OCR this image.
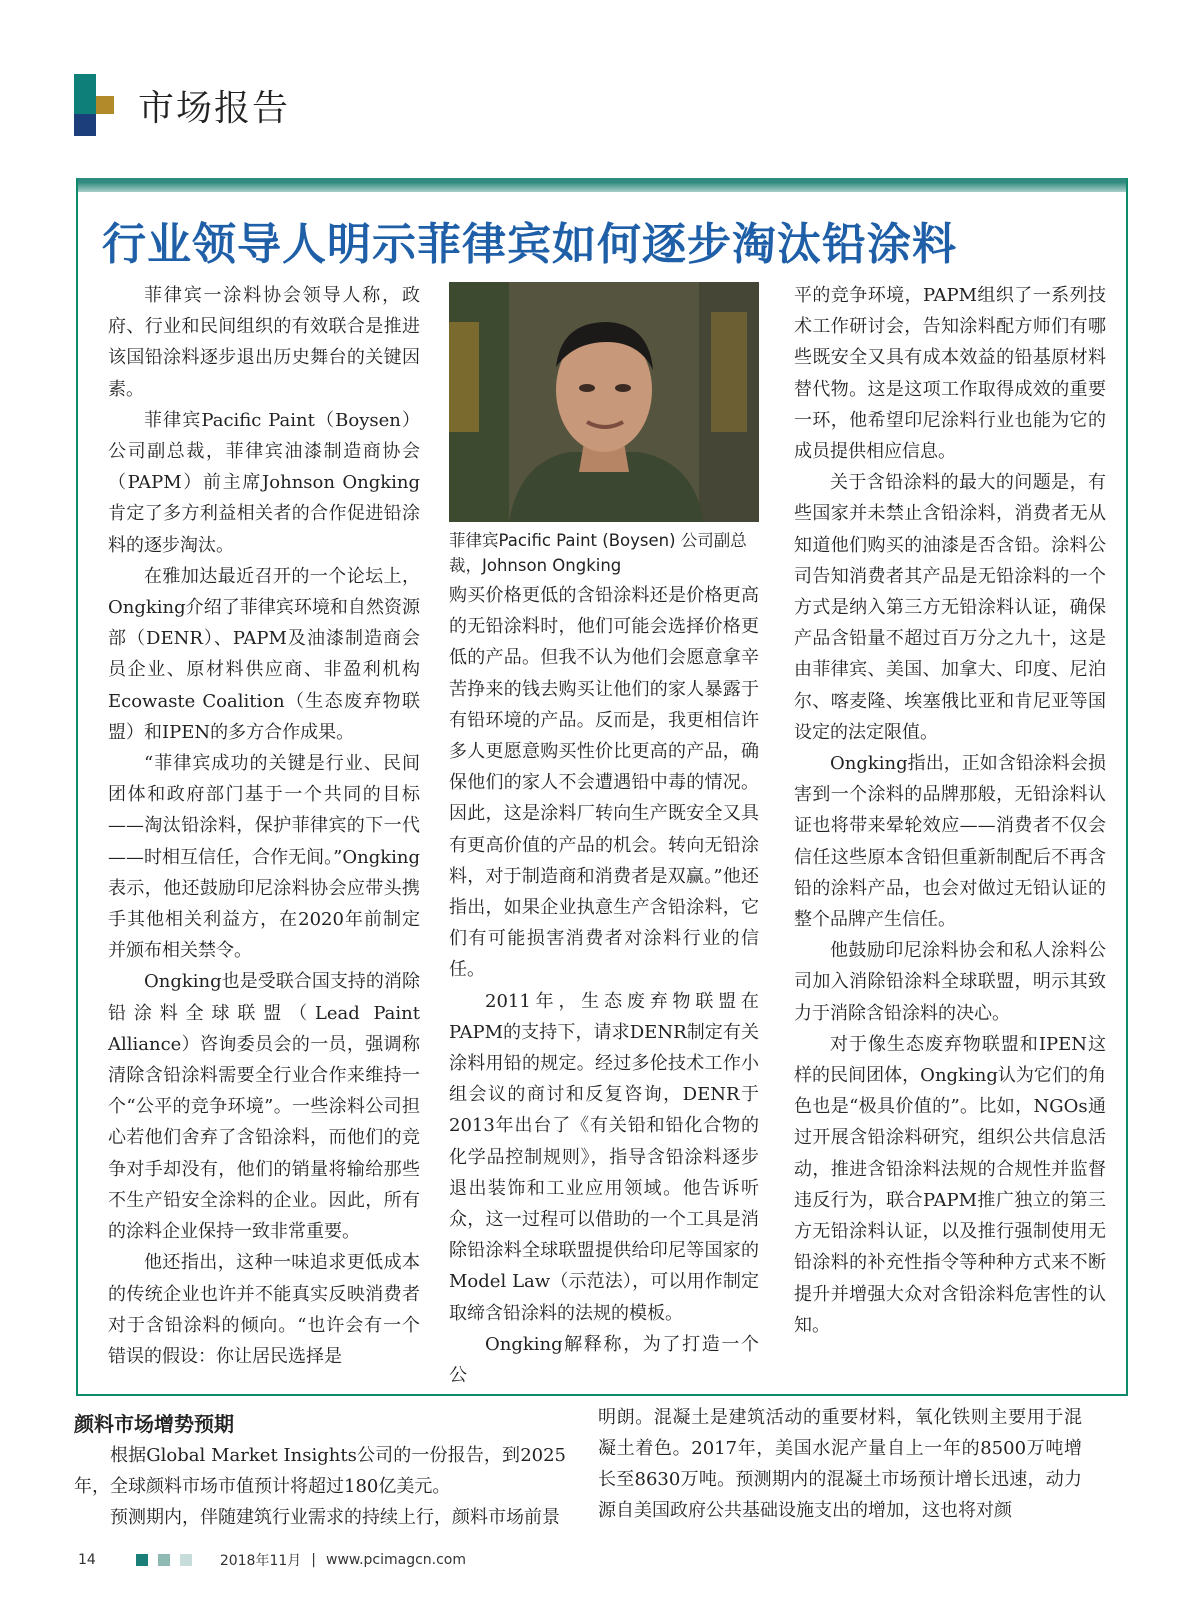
市场报告
行业领导人明示菲律宾如何逐步淘汰铅涂料

菲律宾一涂料协会领导人称，政府、行业和民间组织的有效联合是推进该国铅涂料逐步退出历史舞台的关键因素。

菲律宾Pacific Paint（Boysen）公司副总裁，菲律宾油漆制造商协会（PAPM）前主席Johnson Ongking肯定了多方利益相关者的合作促进铅涂料的逐步淘汰。

在雅加达最近召开的一个论坛上，Ongking介绍了菲律宾环境和自然资源部（DENR）、PAPM及油漆制造商会员企业、原材料供应商、非盈利机构Ecowaste Coalition（生态废弃物联盟）和IPEN的多方合作成果。

“菲律宾成功的关键是行业、民间团体和政府部门基于一个共同的目标——淘汰铅涂料，保护菲律宾的下一代——时相互信任，合作无间。”Ongking表示，他还鼓励印尼涂料协会应带头携手其他相关利益方，在2020年前制定并颁布相关禁令。

Ongking也是受联合国支持的消除铅涂料全球联盟（Lead Paint Alliance）咨询委员会的一员，强调称清除含铅涂料需要全行业合作来维持一个“公平的竞争环境”。一些涂料公司担心若他们舍弃了含铅涂料，而他们的竞争对手却没有，他们的销量将输给那些不生产铅安全涂料的企业。因此，所有的涂料企业保持一致非常重要。

他还指出，这种一味追求更低成本的传统企业也许并不能真实反映消费者对于含铅涂料的倾向。“也许会有一个错误的假设：你让居民选择是

菲律宾Pacific Paint (Boysen) 公司副总裁，Johnson Ongking

购买价格更低的含铅涂料还是价格更高的无铅涂料时，他们可能会选择价格更低的产品。但我不认为他们会愿意拿辛苦挣来的钱去购买让他们的家人暴露于有铅环境的产品。反而是，我更相信许多人更愿意购买性价比更高的产品，确保他们的家人不会遭遇铅中毒的情况。因此，这是涂料厂转向生产既安全又具有更高价值的产品的机会。转向无铅涂料，对于制造商和消费者是双赢。”他还指出，如果企业执意生产含铅涂料，它们有可能损害消费者对涂料行业的信任。

2011年，生态废弃物联盟在PAPM的支持下，请求DENR制定有关涂料用铅的规定。经过多伦技术工作小组会议的商讨和反复咨询，DENR于2013年出台了《有关铅和铅化合物的化学品控制规则》，指导含铅涂料逐步退出装饰和工业应用领域。他告诉听众，这一过程可以借助的一个工具是消除铅涂料全球联盟提供给印尼等国家的Model Law（示范法），可以用作制定取缔含铅涂料的法规的模板。

Ongking解释称，为了打造一个公

平的竞争环境，PAPM组织了一系列技术工作研讨会，告知涂料配方师们有哪些既安全又具有成本效益的铅基原材料替代物。这是这项工作取得成效的重要一环，他希望印尼涂料行业也能为它的成员提供相应信息。

关于含铅涂料的最大的问题是，有些国家并未禁止含铅涂料，消费者无从知道他们购买的油漆是否含铅。涂料公司告知消费者其产品是无铅涂料的一个方式是纳入第三方无铅涂料认证，确保产品含铅量不超过百万分之九十，这是由菲律宾、美国、加拿大、印度、尼泊尔、喀麦隆、埃塞俄比亚和肯尼亚等国设定的法定限值。

Ongking指出，正如含铅涂料会损害到一个涂料的品牌那般，无铅涂料认证也将带来晕轮效应——消费者不仅会信任这些原本含铅但重新制配后不再含铅的涂料产品，也会对做过无铅认证的整个品牌产生信任。

他鼓励印尼涂料协会和私人涂料公司加入消除铅涂料全球联盟，明示其致力于消除含铅涂料的决心。

对于像生态废弃物联盟和IPEN这样的民间团体，Ongking认为它们的角色也是“极具价值的”。比如，NGOs通过开展含铅涂料研究，组织公共信息活动，推进含铅涂料法规的合规性并监督违反行为，联合PAPM推广独立的第三方无铅涂料认证，以及推行强制使用无铅涂料的补充性指令等种种方式来不断提升并增强大众对含铅涂料危害性的认知。

颜料市场增势预期

根据Global Market Insights公司的一份报告，到2025年，全球颜料市场市值预计将超过180亿美元。

预测期内，伴随建筑行业需求的持续上行，颜料市场前景

明朗。混凝土是建筑活动的重要材料，氧化铁则主要用于混凝土着色。2017年，美国水泥产量自上一年的8500万吨增长至8630万吨。预测期内的混凝土市场预计增长迅速，动力源自美国政府公共基础设施支出的增加，这也将对颜

14	2018年11月 | www.pcimagcn.com
